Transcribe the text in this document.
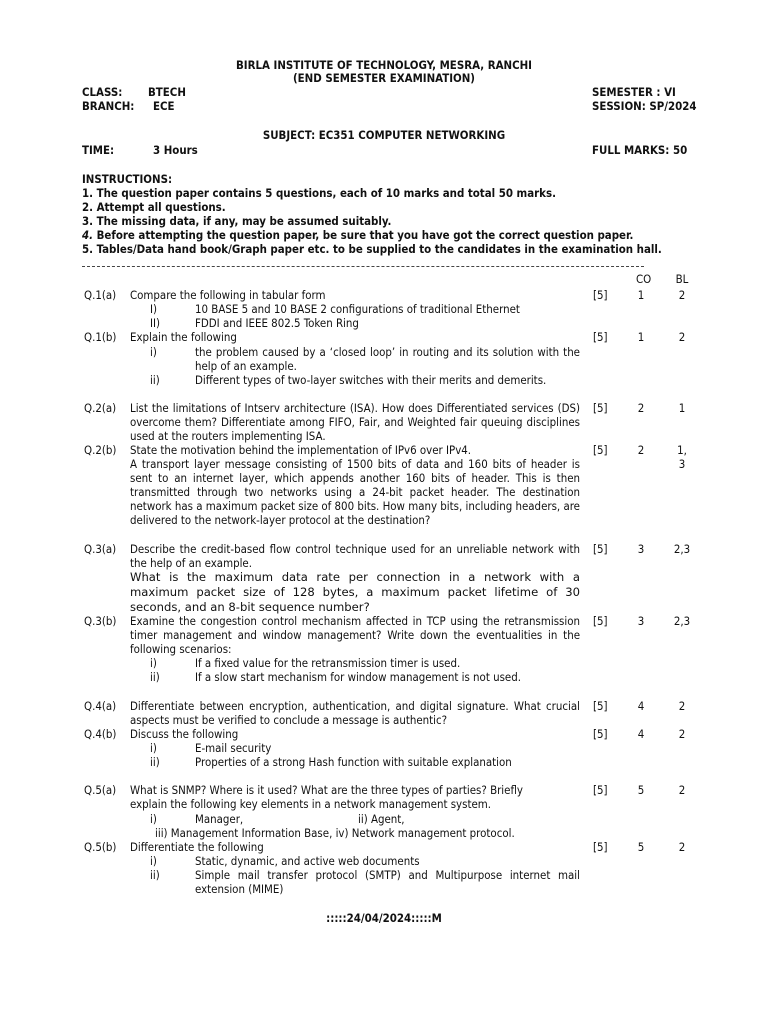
BIRLA INSTITUTE OF TECHNOLOGY, MESRA, RANCHI
(END SEMESTER EXAMINATION)
CLASS: BTECH	SEMESTER : VI
BRANCH: ECE	SESSION: SP/2024
SUBJECT: EC351 COMPUTER NETWORKING
TIME:	3 Hours	FULL MARKS: 50
INSTRUCTIONS:
1. The question paper contains 5 questions, each of 10 marks and total 50 marks.
2. Attempt all questions.
3. The missing data, if any, may be assumed suitably.
4. Before attempting the question paper, be sure that you have got the correct question paper.
5. Tables/Data hand book/Graph paper etc. to be supplied to the candidates in the examination hall.
CO	BL
Q.1(a) Compare the following in tabular form
I)	10 BASE 5 and 10 BASE 2 configurations of traditional Ethernet
II)	FDDI and IEEE 802.5 Token Ring
[5]	1	2
Q.1(b) Explain the following
i)	the problem caused by a ‘closed loop’ in routing and its solution with the help of an example.
ii)	Different types of two-layer switches with their merits and demerits.
[5]	1	2
Q.2(a) List the limitations of Intserv architecture (ISA). How does Differentiated services (DS) overcome them? Differentiate among FIFO, Fair, and Weighted fair queuing disciplines used at the routers implementing ISA.
[5]	2	1
Q.2(b) State the motivation behind the implementation of IPv6 over IPv4.
A transport layer message consisting of 1500 bits of data and 160 bits of header is sent to an internet layer, which appends another 160 bits of header. This is then transmitted through two networks using a 24-bit packet header. The destination network has a maximum packet size of 800 bits. How many bits, including headers, are delivered to the network-layer protocol at the destination?
[5]	2	1,
3
Q.3(a) Describe the credit-based flow control technique used for an unreliable network with the help of an example.
What is the maximum data rate per connection in a network with a maximum packet size of 128 bytes, a maximum packet lifetime of 30 seconds, and an 8-bit sequence number?
[5]	3	2,3
Q.3(b) Examine the congestion control mechanism affected in TCP using the retransmission timer management and window management? Write down the eventualities in the following scenarios:
i)	If a fixed value for the retransmission timer is used.
ii)	If a slow start mechanism for window management is not used.
[5]	3	2,3
Q.4(a) Differentiate between encryption, authentication, and digital signature. What crucial aspects must be verified to conclude a message is authentic?
[5]	4	2
Q.4(b) Discuss the following
i)	E-mail security
ii)	Properties of a strong Hash function with suitable explanation
[5]	4	2
Q.5(a) What is SNMP? Where is it used? What are the three types of parties? Briefly
explain the following key elements in a network management system.
i)	Manager,	ii) Agent,
iii) Management Information Base, iv) Network management protocol.
[5]	5	2
Q.5(b) Differentiate the following
i)	Static, dynamic, and active web documents
ii)	Simple mail transfer protocol (SMTP) and Multipurpose internet mail extension (MIME)
[5]	5	2
:::::24/04/2024:::::M
